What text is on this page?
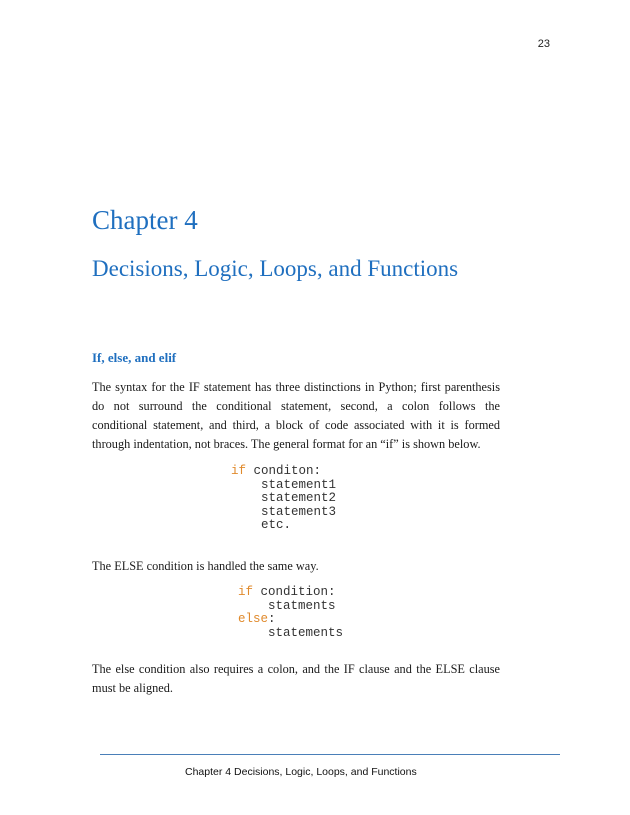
23
Chapter 4
Decisions, Logic, Loops, and Functions
If, else, and elif

The syntax for the IF statement has three distinctions in Python; first parenthesis
do not surround the conditional statement, second, a colon follows the
conditional statement, and third, a block of code associated with it is formed
through indentation, not braces. The general format for an “if” is shown below.

if conditon:
statement1
statement2
statement3
etc.

The ELSE condition is handled the same way.

if condition:
statments
else:
statements

The else condition also requires a colon, and the IF clause and the ELSE clause
must be aligned.

Chapter 4 Decisions, Logic, Loops, and Functions
